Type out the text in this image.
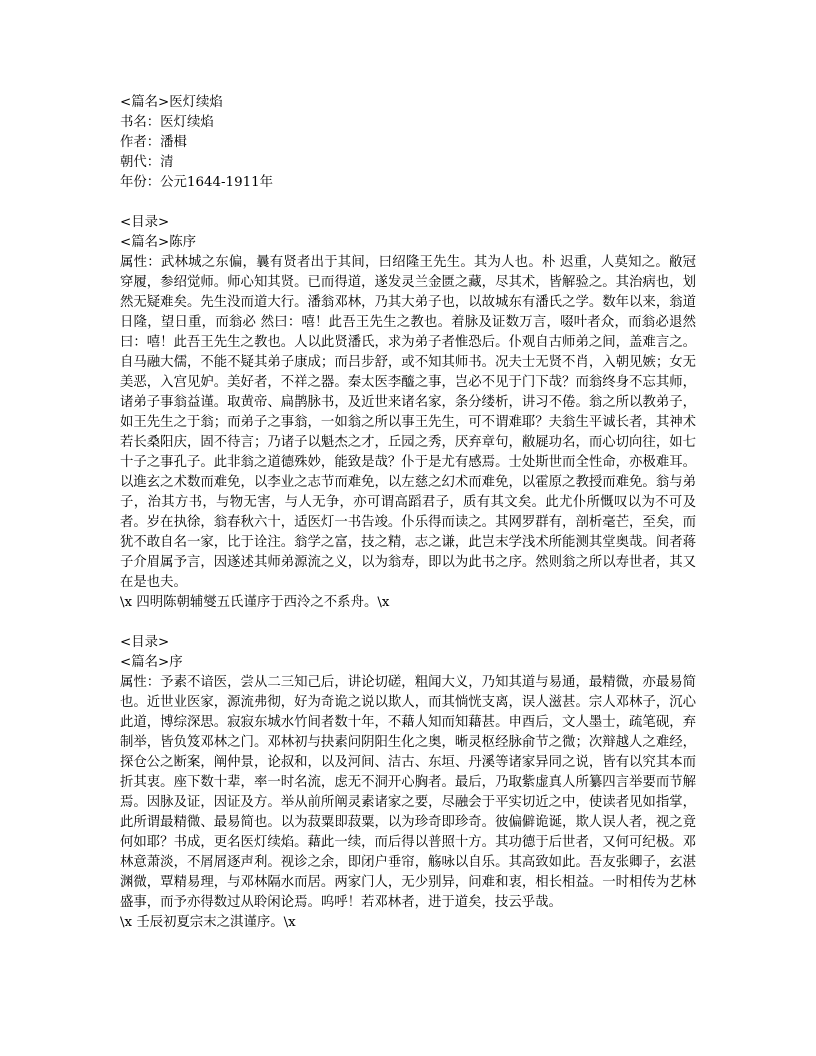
<篇名>医灯续焰
书名：医灯续焰
作者：潘楫
朝代：清
年份：公元1644-1911年
<目录>
<篇名>陈序
属性：武林城之东偏，曩有贤者出于其间，曰绍隆王先生。其为人也。朴 迟重，人莫知之。敝冠穿履，参绍觉师。师心知其贤。已而得道，遂发灵兰金匮之藏，尽其术，皆解验之。其治病也，划然无疑难矣。先生没而道大行。潘翁邓林，乃其大弟子也，以故城东有潘氏之学。数年以来，翁道日隆，望日重，而翁必 然曰：嘻！此吾王先生之教也。着脉及证数万言，啜叶者众，而翁必退然曰：嘻！此吾王先生之教也。人以此贤潘氏，求为弟子者惟恐后。仆观自古师弟之间，盖难言之。自马融大儒，不能不疑其弟子康成；而吕步舒，或不知其师书。况夫士无贤不肖，入朝见嫉；女无美恶，入宫见妒。美好者，不祥之器。秦太医李醯之事，岂必不见于门下哉？而翁终身不忘其师，诸弟子事翁益谨。取黄帝、扁鹊脉书，及近世来诸名家，条分缕析，讲习不倦。翁之所以教弟子，如王先生之于翁；而弟子之事翁，一如翁之所以事王先生，可不谓难耶？夫翁生平诚长者，其神术若长桑阳庆，固不待言；乃诸子以魁杰之才，丘园之秀，厌弃章句，敝屣功名，而心切向往，如七十子之事孔子。此非翁之道德殊妙，能致是哉？仆于是尤有感焉。士处斯世而全性命，亦极难耳。以進玄之术数而难免，以李业之志节而难免，以左慈之幻术而难免，以霍原之教授而难免。翁与弟子，治其方书，与物无害，与人无争，亦可谓高蹈君子，质有其文矣。此尤仆所慨叹以为不可及者。岁在执徐，翁春秋六十，适医灯一书告竣。仆乐得而读之。其网罗群有，剖析毫芒，至矣，而犹不敢自名一家，比于诠注。翁学之富，技之精，志之谦，此岂末学浅术所能测其堂奥哉。间者蒋子介眉属予言，因遂述其师弟源流之义，以为翁寿，即以为此书之序。然则翁之所以寿世者，其又在是也夫。
\x 四明陈朝辅燮五氏谨序于西泠之不系舟。\x
<目录>
<篇名>序
属性：予素不谙医，尝从二三知己后，讲论切磋，粗闻大义，乃知其道与易通，最精微，亦最易简也。近世业医家，源流弗彻，好为奇诡之说以欺人，而其惝恍支离，误人滋甚。宗人邓林子，沉心此道，博综深思。寂寂东城水竹间者数十年，不藉人知而知藉甚。申酉后，文人墨士，疏笔砚，弃制举，皆负笈邓林之门。邓林初与抉素问阴阳生化之奥，晰灵枢经脉俞节之微；次辩越人之难经，探仓公之断案，阐仲景，论叔和，以及河间、洁古、东垣、丹溪等诸家异同之说，皆有以究其本而折其衷。座下数十辈，率一时名流，虑无不洞开心胸者。最后，乃取紫虚真人所纂四言举要而节解焉。因脉及证，因证及方。举从前所阐灵素诸家之要，尽融会于平实切近之中，使读者见如指掌，此所谓最精微、最易简也。以为菽粟即菽粟，以为珍奇即珍奇。彼偏僻诡诞，欺人误人者，视之竟何如耶？书成，更名医灯续焰。藉此一续，而后得以普照十方。其功德于后世者，又何可纪极。邓林意萧淡，不屑屑逐声利。视诊之余，即闭户垂帘，觞咏以自乐。其高致如此。吾友张卿子，玄湛渊微，覃精易理，与邓林隔水而居。两家门人，无少别异，问难和衷，相长相益。一时相传为艺林盛事，而予亦得数过从聆闲论焉。呜呼！若邓林者，进于道矣，技云乎哉。
\x 壬辰初夏宗末之淇谨序。\x
